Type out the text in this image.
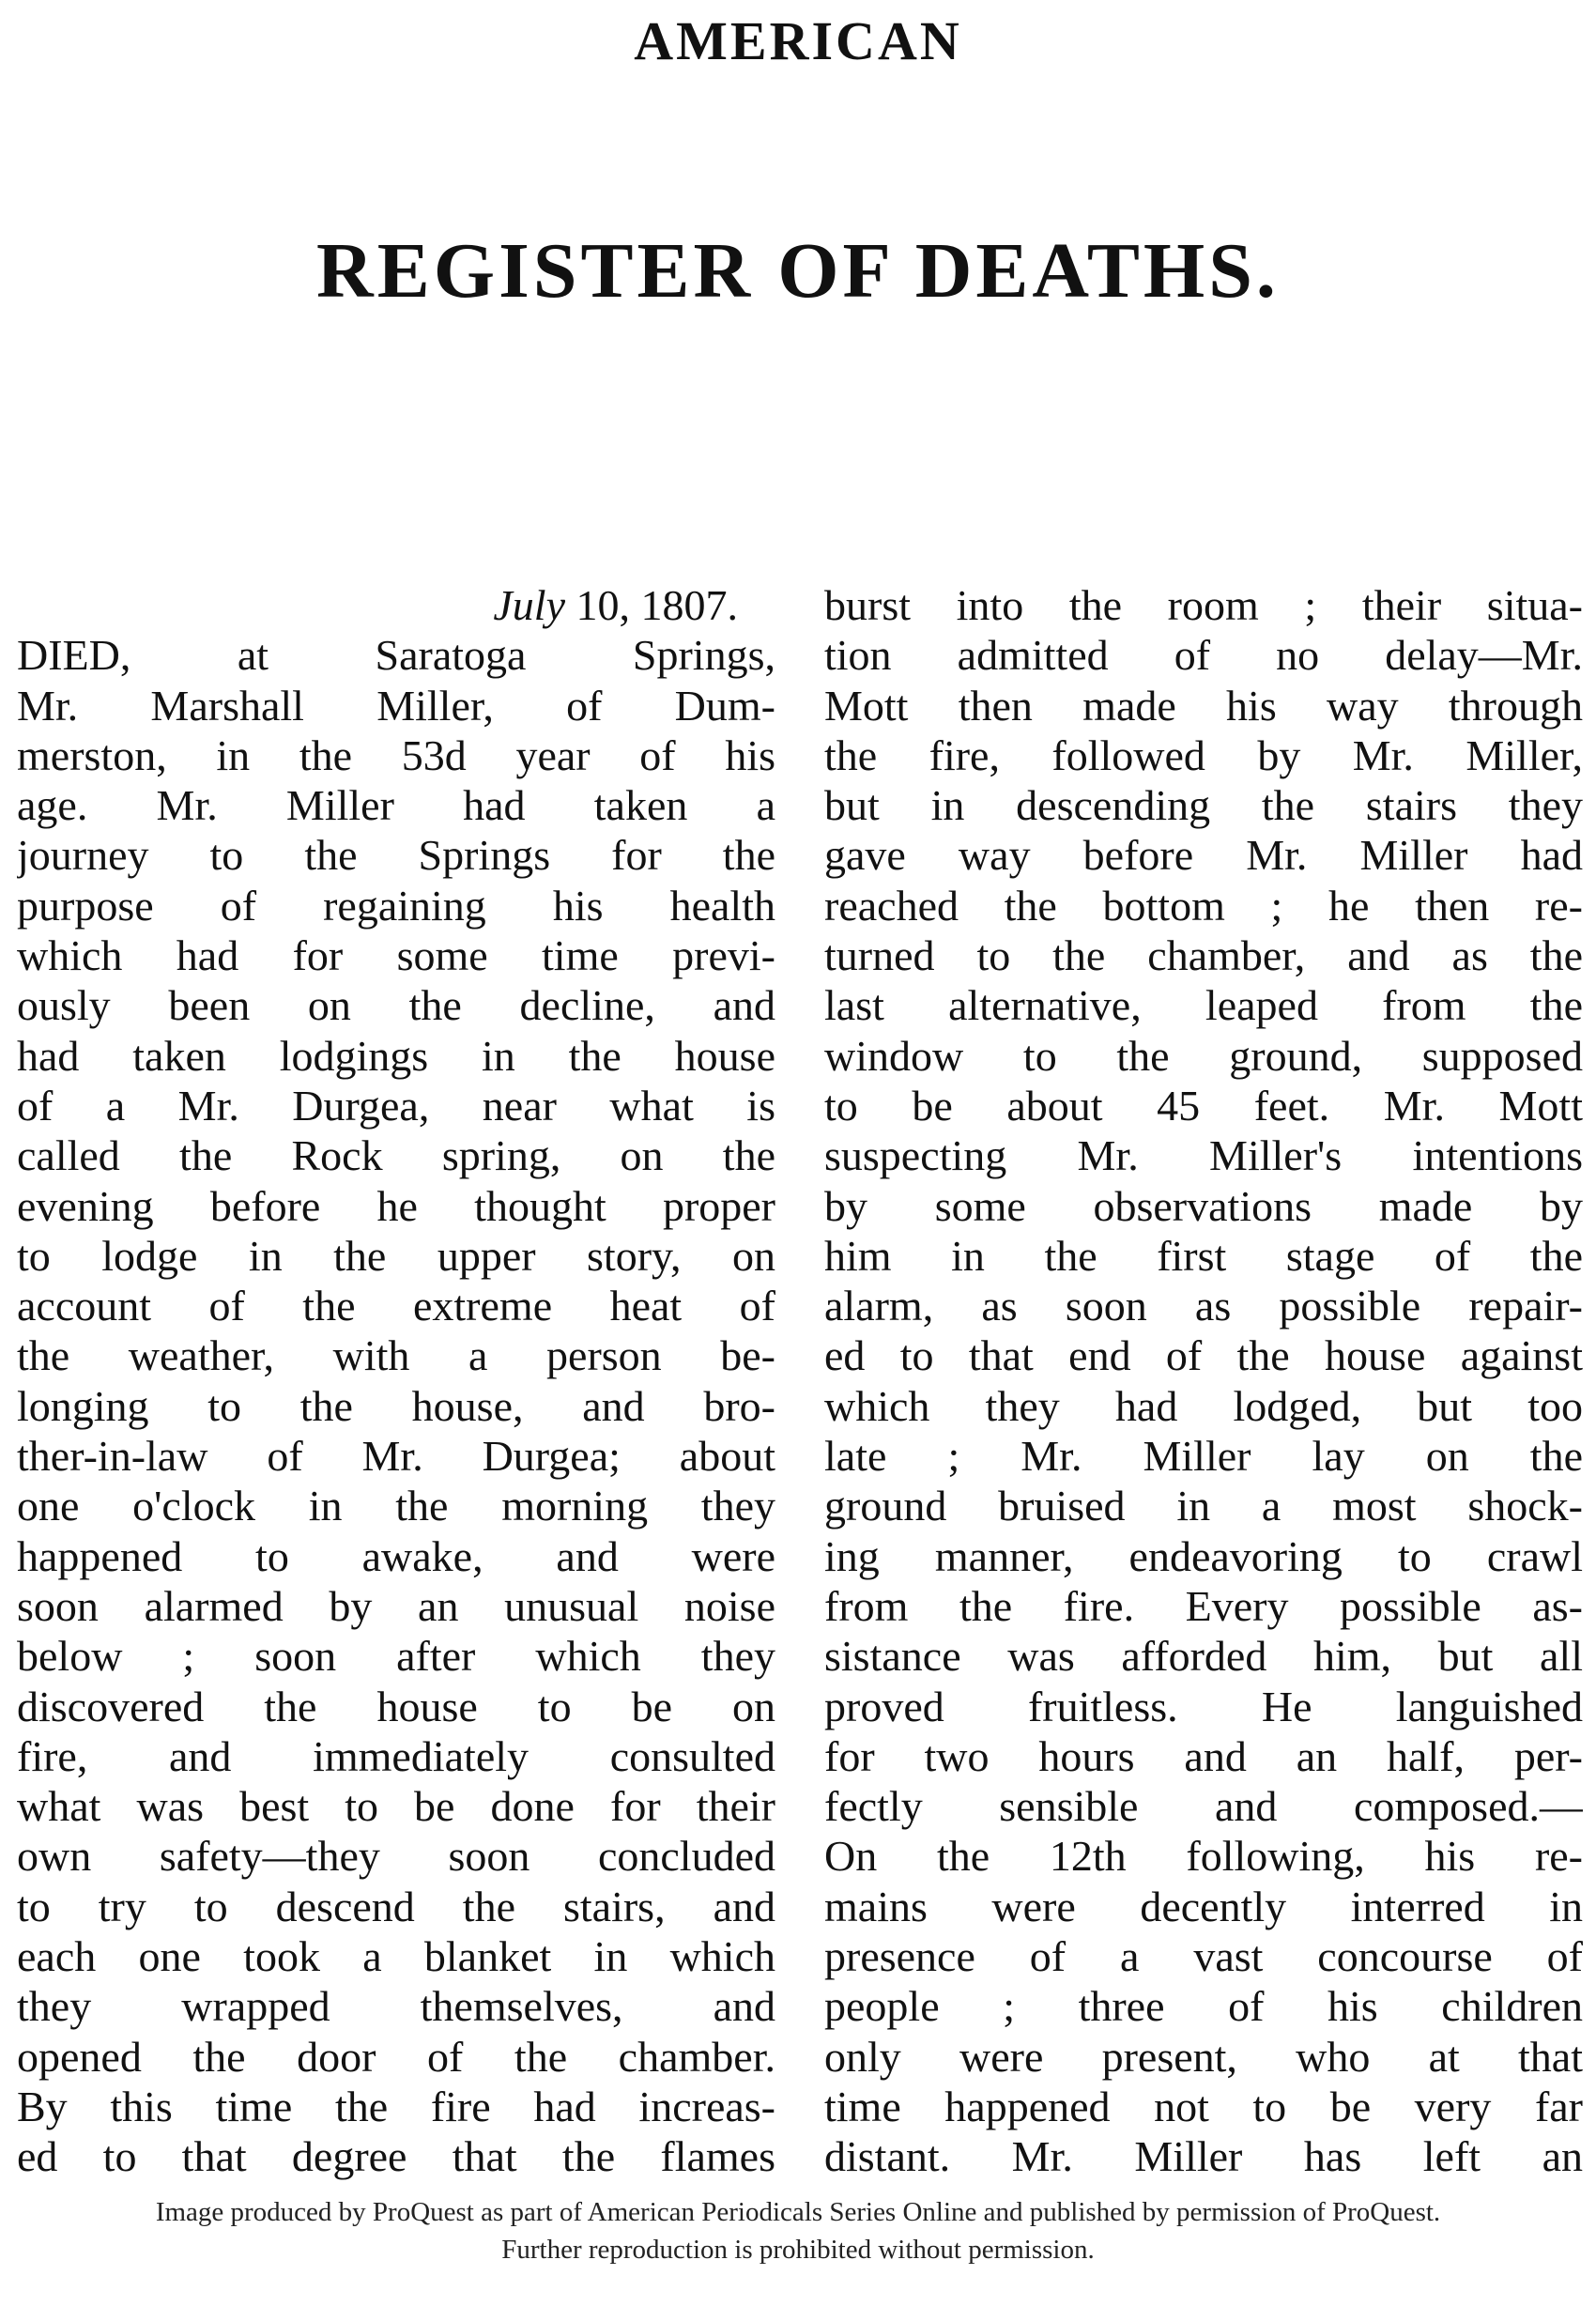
AMERICAN
REGISTER OF DEATHS.
July 10, 1807.
DIED, at Saratoga Springs,
Mr. Marshall Miller, of Dum-
merston, in the 53d year of his
age. Mr. Miller had taken a
journey to the Springs for the
purpose of regaining his health
which had for some time previ-
ously been on the decline, and
had taken lodgings in the house
of a Mr. Durgea, near what is
called the Rock spring, on the
evening before he thought proper
to lodge in the upper story, on
account of the extreme heat of
the weather, with a person be-
longing to the house, and bro-
ther-in-law of Mr. Durgea; about
one o'clock in the morning they
happened to awake, and were
soon alarmed by an unusual noise
below ; soon after which they
discovered the house to be on
fire, and immediately consulted
what was best to be done for their
own safety—they soon concluded
to try to descend the stairs, and
each one took a blanket in which
they wrapped themselves, and
opened the door of the chamber.
By this time the fire had increas-
ed to that degree that the flames
burst into the room ; their situa-
tion admitted of no delay—Mr.
Mott then made his way through
the fire, followed by Mr. Miller,
but in descending the stairs they
gave way before Mr. Miller had
reached the bottom ; he then re-
turned to the chamber, and as the
last alternative, leaped from the
window to the ground, supposed
to be about 45 feet. Mr. Mott
suspecting Mr. Miller's intentions
by some observations made by
him in the first stage of the
alarm, as soon as possible repair-
ed to that end of the house against
which they had lodged, but too
late ; Mr. Miller lay on the
ground bruised in a most shock-
ing manner, endeavoring to crawl
from the fire. Every possible as-
sistance was afforded him, but all
proved fruitless. He languished
for two hours and an half, per-
fectly sensible and composed.—
On the 12th following, his re-
mains were decently interred in
presence of a vast concourse of
people ; three of his children
only were present, who at that
time happened not to be very far
distant. Mr. Miller has left an
Image produced by ProQuest as part of American Periodicals Series Online and published by permission of ProQuest.
Further reproduction is prohibited without permission.
